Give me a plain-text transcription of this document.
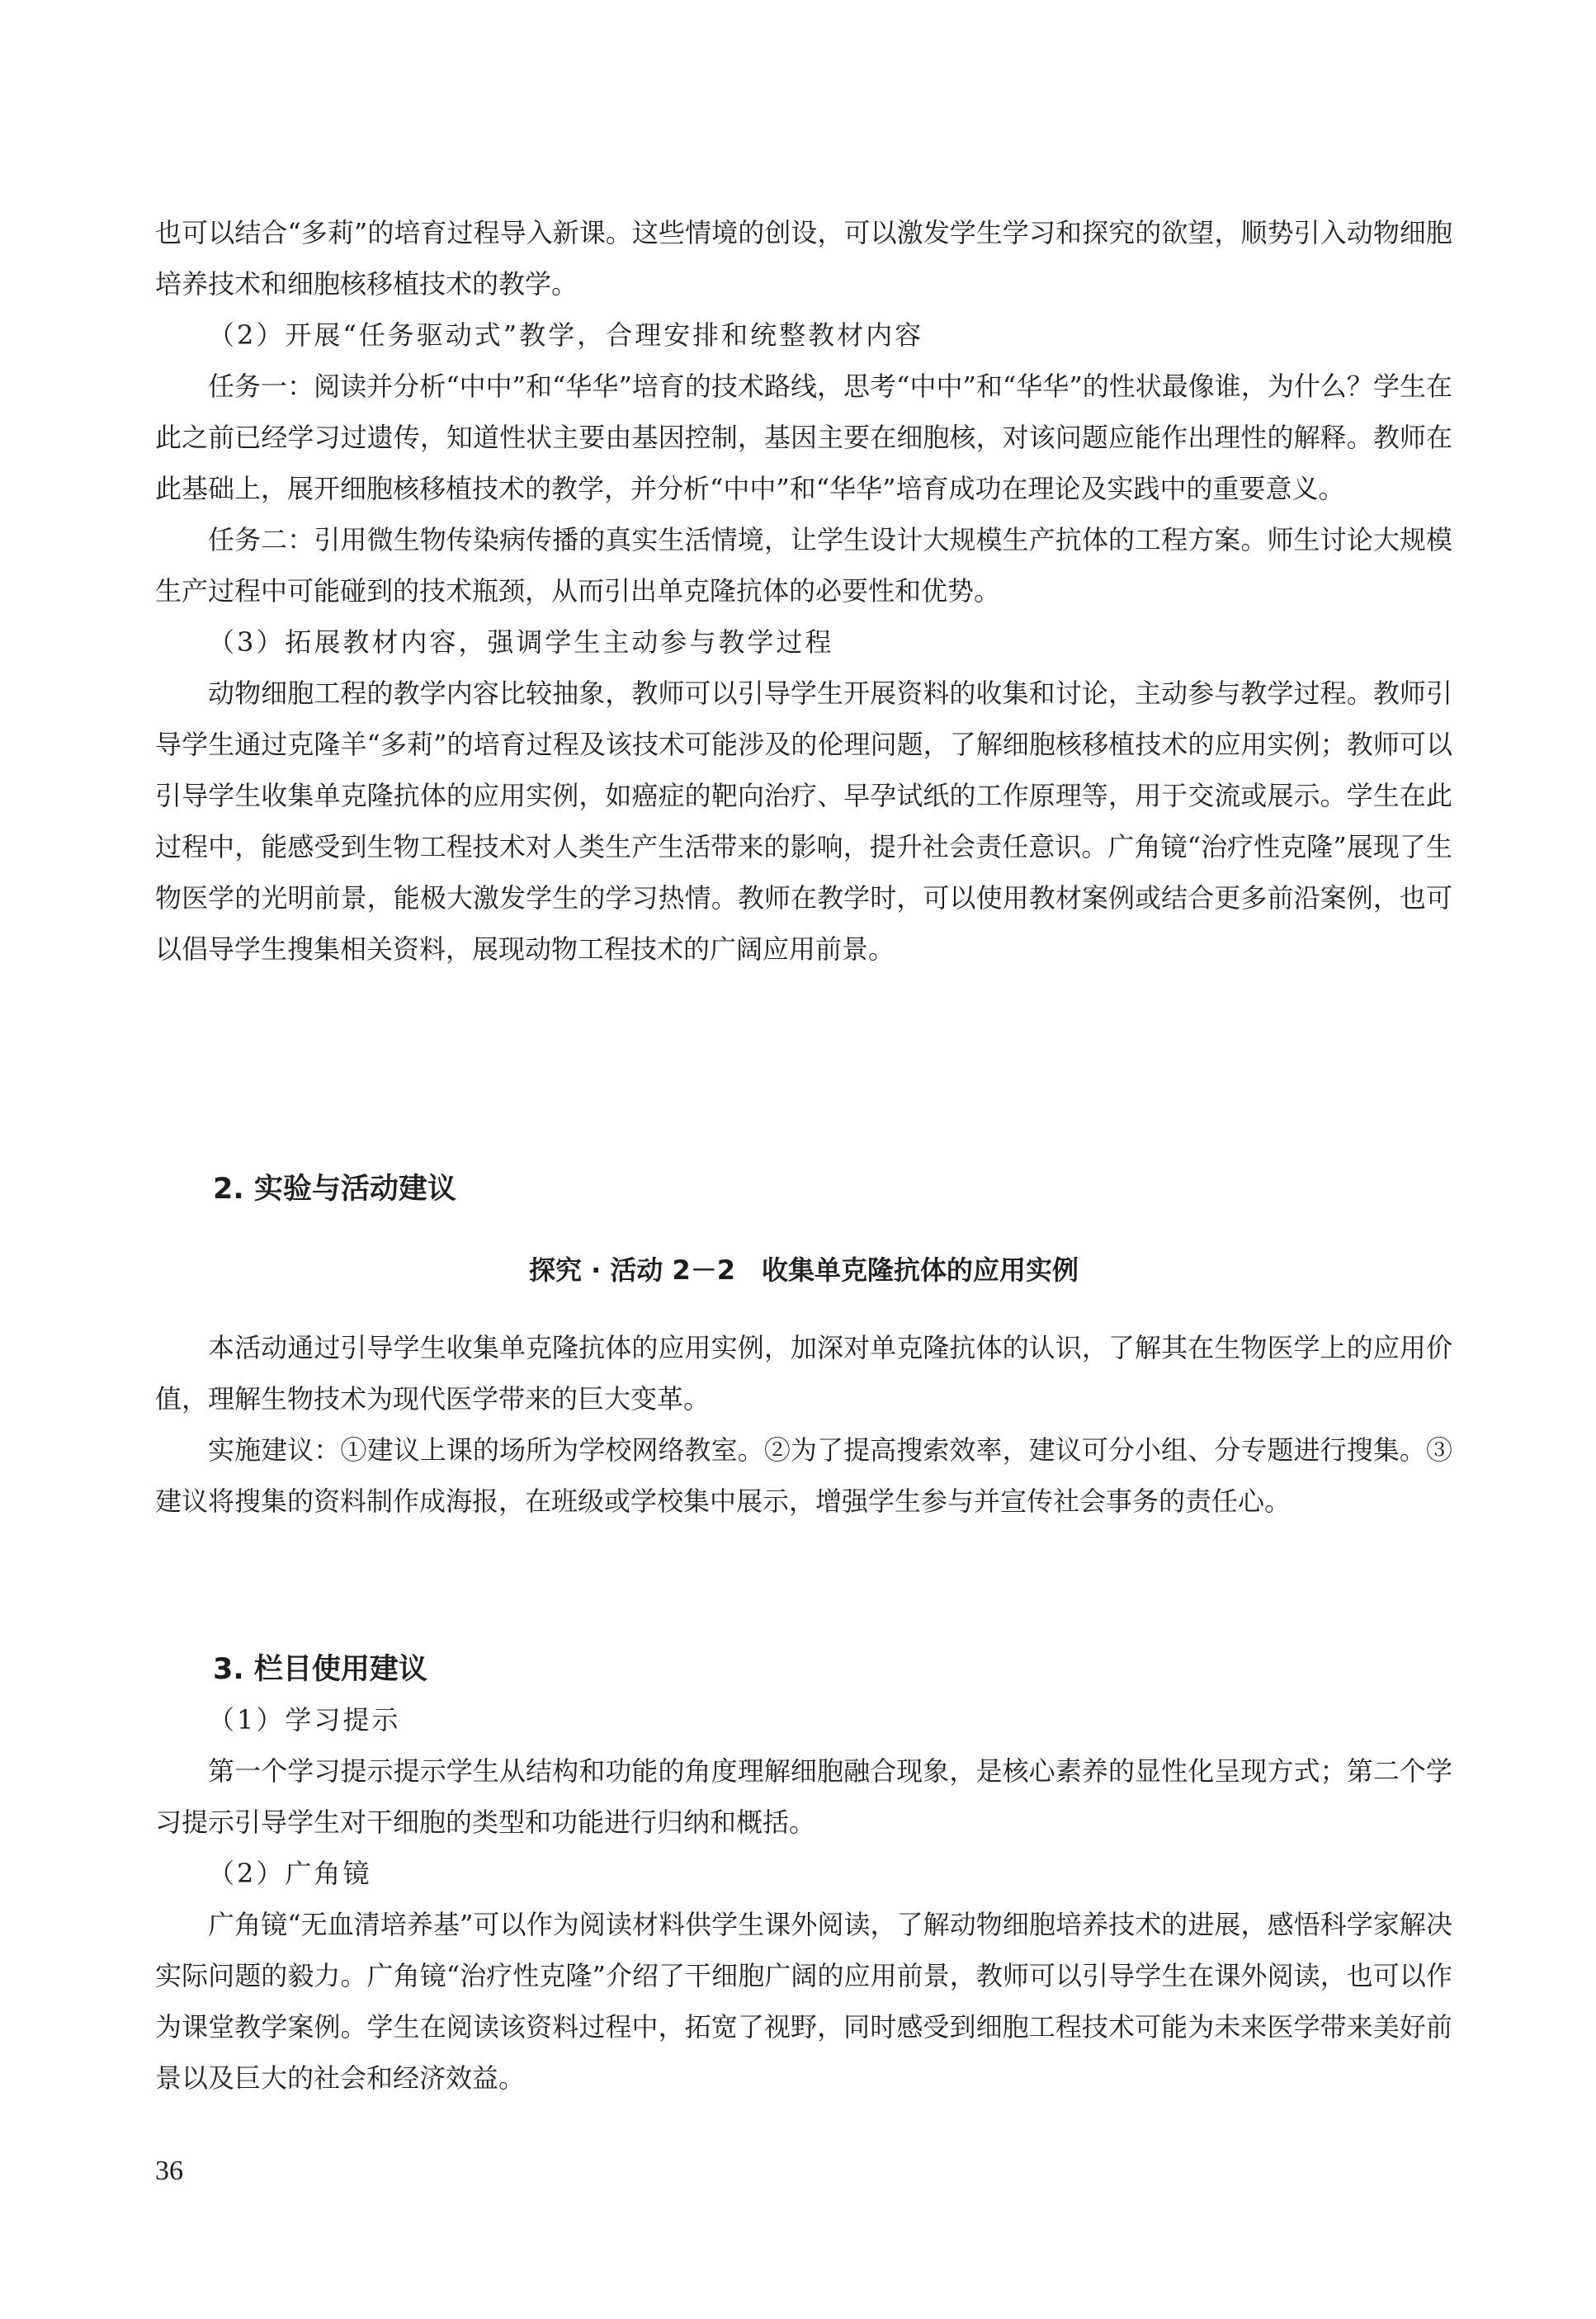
也可以结合“多莉”的培育过程导入新课。这些情境的创设，可以激发学生学习和探究的欲望，顺势引入动物细胞培养技术和细胞核移植技术的教学。

（2）开展“任务驱动式”教学，合理安排和统整教材内容

任务一：阅读并分析“中中”和“华华”培育的技术路线，思考“中中”和“华华”的性状最像谁，为什么？学生在此之前已经学习过遗传，知道性状主要由基因控制，基因主要在细胞核，对该问题应能作出理性的解释。教师在此基础上，展开细胞核移植技术的教学，并分析“中中”和“华华”培育成功在理论及实践中的重要意义。

任务二：引用微生物传染病传播的真实生活情境，让学生设计大规模生产抗体的工程方案。师生讨论大规模生产过程中可能碰到的技术瓶颈，从而引出单克隆抗体的必要性和优势。

（3）拓展教材内容，强调学生主动参与教学过程

动物细胞工程的教学内容比较抽象，教师可以引导学生开展资料的收集和讨论，主动参与教学过程。教师引导学生通过克隆羊“多莉”的培育过程及该技术可能涉及的伦理问题，了解细胞核移植技术的应用实例；教师可以引导学生收集单克隆抗体的应用实例，如癌症的靶向治疗、早孕试纸的工作原理等，用于交流或展示。学生在此过程中，能感受到生物工程技术对人类生产生活带来的影响，提升社会责任意识。广角镜“治疗性克隆”展现了生物医学的光明前景，能极大激发学生的学习热情。教师在教学时，可以使用教材案例或结合更多前沿案例，也可以倡导学生搜集相关资料，展现动物工程技术的广阔应用前景。

2. 实验与活动建议
探究 · 活动 2－2　收集单克隆抗体的应用实例

本活动通过引导学生收集单克隆抗体的应用实例，加深对单克隆抗体的认识，了解其在生物医学上的应用价值，理解生物技术为现代医学带来的巨大变革。

实施建议：①建议上课的场所为学校网络教室。②为了提高搜索效率，建议可分小组、分专题进行搜集。③建议将搜集的资料制作成海报，在班级或学校集中展示，增强学生参与并宣传社会事务的责任心。

3. 栏目使用建议

（1）学习提示

第一个学习提示提示学生从结构和功能的角度理解细胞融合现象，是核心素养的显性化呈现方式；第二个学习提示引导学生对干细胞的类型和功能进行归纳和概括。

（2）广角镜

广角镜“无血清培养基”可以作为阅读材料供学生课外阅读，了解动物细胞培养技术的进展，感悟科学家解决实际问题的毅力。广角镜“治疗性克隆”介绍了干细胞广阔的应用前景，教师可以引导学生在课外阅读，也可以作为课堂教学案例。学生在阅读该资料过程中，拓宽了视野，同时感受到细胞工程技术可能为未来医学带来美好前景以及巨大的社会和经济效益。

36
